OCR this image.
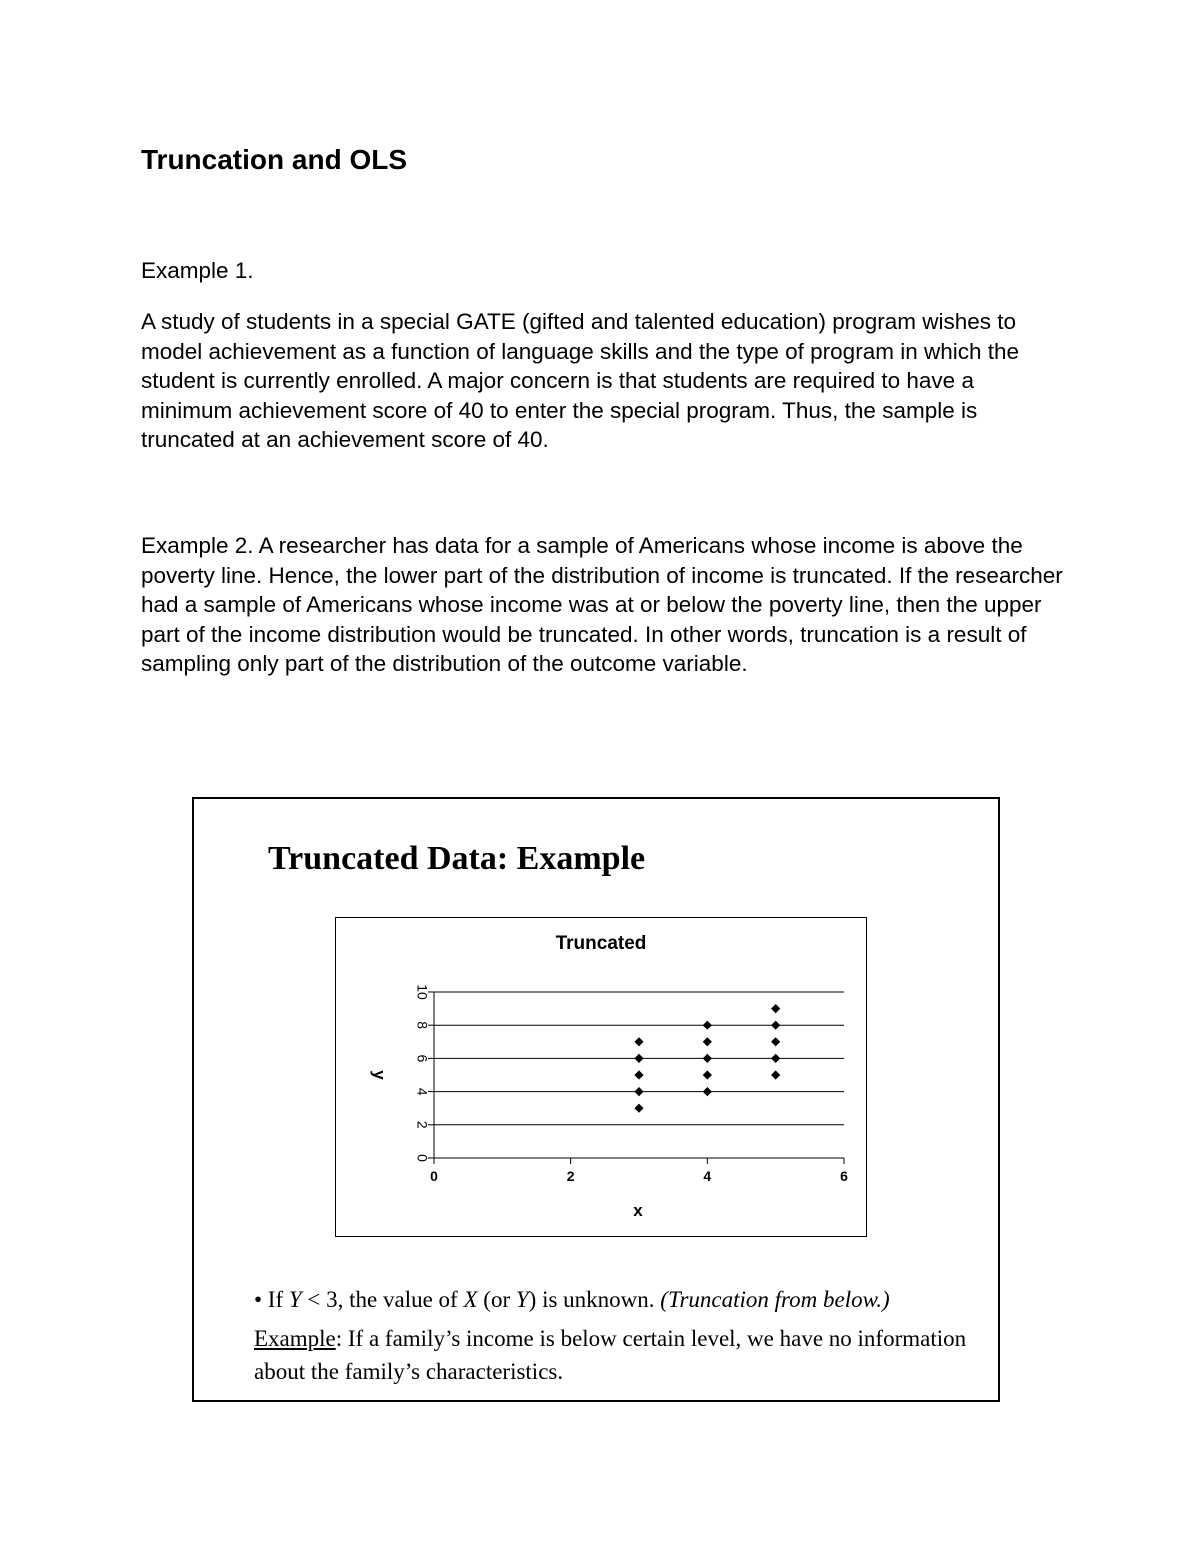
Truncation and OLS

Example 1.

A study of students in a special GATE (gifted and talented education) program wishes to model achievement as a function of language skills and the type of program in which the student is currently enrolled. A major concern is that students are required to have a minimum achievement score of 40 to enter the special program. Thus, the sample is truncated at an achievement score of 40.

Example 2. A researcher has data for a sample of Americans whose income is above the poverty line. Hence, the lower part of the distribution of income is truncated. If the researcher had a sample of Americans whose income was at or below the poverty line, then the upper part of the income distribution would be truncated. In other words, truncation is a result of sampling only part of the distribution of the outcome variable.

Truncated Data: Example
Truncated
0
2
4
6
8
10
0	2	4	6
x
y

• If Y < 3, the value of X (or Y) is unknown. (Truncation from below.)

Example: If a family’s income is below certain level, we have no information about the family’s characteristics.
